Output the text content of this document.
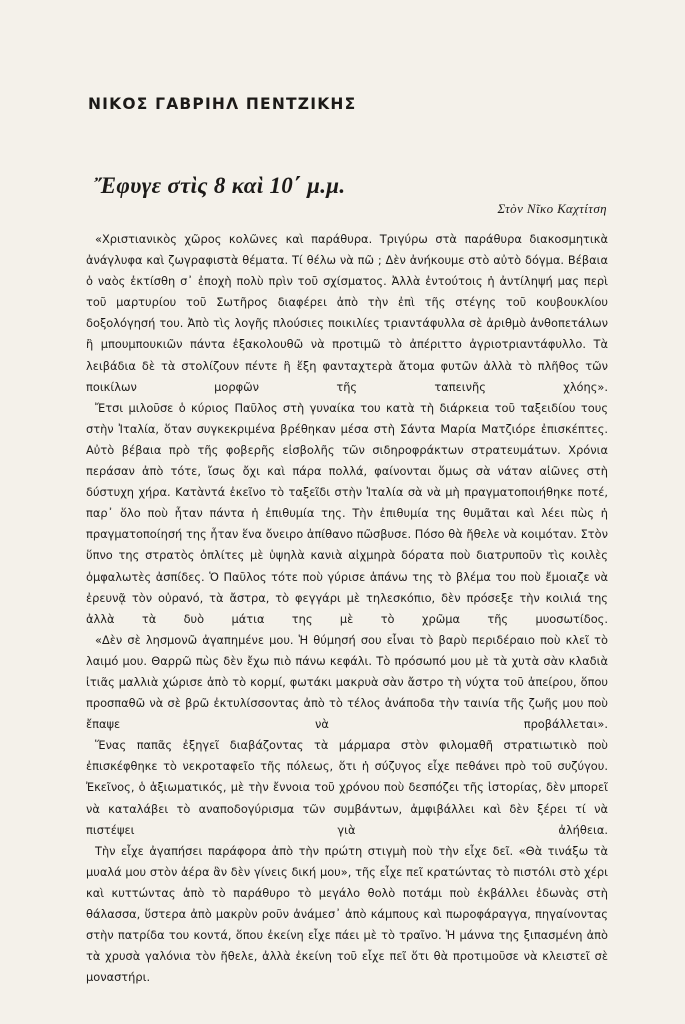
ΝΙΚΟΣ ΓΑΒΡΙΗΛ ΠΕΝΤΖΙΚΗΣ
Ἔφυγε στὶς 8 καὶ 10΄ μ.μ.
Στὸν Νῖκο Καχτίτση

«Χριστιανικὸς χῶρος κολῶνες καὶ παράθυρα. Τριγύρω στὰ παράθυρα διακοσμητικὰ ἀνάγλυφα καὶ ζωγραφιστὰ θέματα. Τί θέλω νὰ πῶ ; Δὲν ἀνήκουμε στὸ αὐτὸ δόγμα. Βέβαια ὁ ναὸς ἐκτίσθη σ᾿ ἐποχὴ πολὺ πρὶν τοῦ σχίσματος. Ἀλλὰ ἐντούτοις ἡ ἀντίληψή μας περὶ τοῦ μαρτυρίου τοῦ Σωτῆρος διαφέρει ἀπὸ τὴν ἐπὶ τῆς στέγης τοῦ κουβουκλίου δοξολόγησή του. Ἀπὸ τὶς λογῆς πλούσιες ποικιλίες τριαντάφυλλα σὲ ἀριθμὸ ἀνθοπετάλων ἢ μπουμπουκιῶν πάντα ἐξακολουθῶ νὰ προτιμῶ τὸ ἀπέριττο ἀγριοτριαντάφυλλο. Τὰ λειβάδια δὲ τὰ στολίζουν πέντε ἢ ἕξη φανταχτερὰ ἄτομα φυτῶν ἀλλὰ τὸ πλῆθος τῶν ποικίλων μορφῶν τῆς ταπεινῆς χλόης».

Ἔτσι μιλοῦσε ὁ κύριος Παῦλος στὴ γυναίκα του κατὰ τὴ διάρκεια τοῦ ταξειδίου τους στὴν Ἰταλία, ὅταν συγκεκριμένα βρέθηκαν μέσα στὴ Σάντα Μαρία Ματζιόρε ἐπισκέπτες. Αὐτὸ βέβαια πρὸ τῆς φοβερῆς εἰσβολῆς τῶν σιδηροφράκτων στρατευμάτων. Χρόνια περάσαν ἀπὸ τότε, ἴσως ὄχι καὶ πάρα πολλά, φαίνονται ὅμως σὰ νάταν αἰῶνες στὴ δύστυχη χήρα. Κατὰντά ἐκεῖνο τὸ ταξεῖδι στὴν Ἰταλία σὰ νὰ μὴ πραγματοποιήθηκε ποτέ, παρ᾿ ὅλο ποὺ ἦταν πάντα ἡ ἐπιθυμία της. Τὴν ἐπιθυμία της θυμᾶται καὶ λέει πὼς ἡ πραγματοποίησή της ἦταν ἕνα ὄνειρο ἀπίθανο πῶσβυσε. Πόσο θὰ ἤθελε νὰ κοιμόταν. Στὸν ὕπνο της στρατὸς ὁπλίτες μὲ ὑψηλὰ κανιὰ αἰχμηρὰ δόρατα ποὺ διατρυποῦν τὶς κοιλὲς ὀμφαλωτὲς ἀσπίδες. Ὁ Παῦλος τότε ποὺ γύρισε ἀπάνω της τὸ βλέμα του ποὺ ἔμοιαζε νὰ ἐρευνᾷ τὸν οὐρανό, τὰ ἄστρα, τὸ φεγγάρι μὲ τηλεσκόπιο, δὲν πρόσεξε τὴν κοιλιά της ἀλλὰ τὰ δυὸ μάτια της μὲ τὸ χρῶμα τῆς μυοσωτίδος.

«Δὲν σὲ λησμονῶ ἀγαπημένε μου. Ἡ θύμησή σου εἶναι τὸ βαρὺ περιδέραιο ποὺ κλεῖ τὸ λαιμό μου. Θαρρῶ πὼς δὲν ἔχω πιὸ πάνω κεφάλι. Τὸ πρόσωπό μου μὲ τὰ χυτὰ σὰν κλαδιὰ ἰτιᾶς μαλλιὰ χώρισε ἀπὸ τὸ κορμί, φωτάκι μακρυὰ σὰν ἄστρο τὴ νύχτα τοῦ ἀπείρου, ὅπου προσπαθῶ νὰ σὲ βρῶ ἐκτυλίσσοντας ἀπὸ τὸ τέλος ἀνάποδα τὴν ταινία τῆς ζωῆς μου ποὺ ἔπαψε νὰ προβάλλεται».

Ἕνας παπᾶς ἐξηγεῖ διαβάζοντας τὰ μάρμαρα στὸν φιλομαθῆ στρατιωτικὸ ποὺ ἐπισκέφθηκε τὸ νεκροταφεῖο τῆς πόλεως, ὅτι ἡ σύζυγος εἶχε πεθάνει πρὸ τοῦ συζύγου. Ἐκεῖνος, ὁ ἀξιωματικός, μὲ τὴν ἔννοια τοῦ χρόνου ποὺ δεσπόζει τῆς ἱστορίας, δὲν μπορεῖ νὰ καταλάβει τὸ αναποδογύρισμα τῶν συμβάντων, ἀμφιβάλλει καὶ δὲν ξέρει τί νὰ πιστέψει γιὰ ἀλήθεια.

Τὴν εἶχε ἀγαπήσει παράφορα ἀπὸ τὴν πρώτη στιγμὴ ποὺ τὴν εἶχε δεῖ. «Θὰ τινάξω τὰ μυαλά μου στὸν ἀέρα ἂν δὲν γίνεις δική μου», τῆς εἶχε πεῖ κρατώντας τὸ πιστόλι στὸ χέρι καὶ κυττώντας ἀπὸ τὸ παράθυρο τὸ μεγάλο θολὸ ποτάμι ποὺ ἐκβάλλει ἐδωνὰς στὴ θάλασσα, ὕστερα ἀπὸ μακρὺν ροῦν ἀνάμεσ᾿ ἀπὸ κάμπους καὶ πωροφάραγγα, πηγαίνοντας στὴν πατρίδα του κοντά, ὅπου ἐκείνη εἶχε πάει μὲ τὸ τραῖνο. Ἡ μάννα της ξιπασμένη ἀπὸ τὰ χρυσὰ γαλόνια τὸν ἤθελε, ἀλλὰ ἐκείνη τοῦ εἶχε πεῖ ὅτι θὰ προτιμοῦσε νὰ κλειστεῖ σὲ μοναστήρι.
